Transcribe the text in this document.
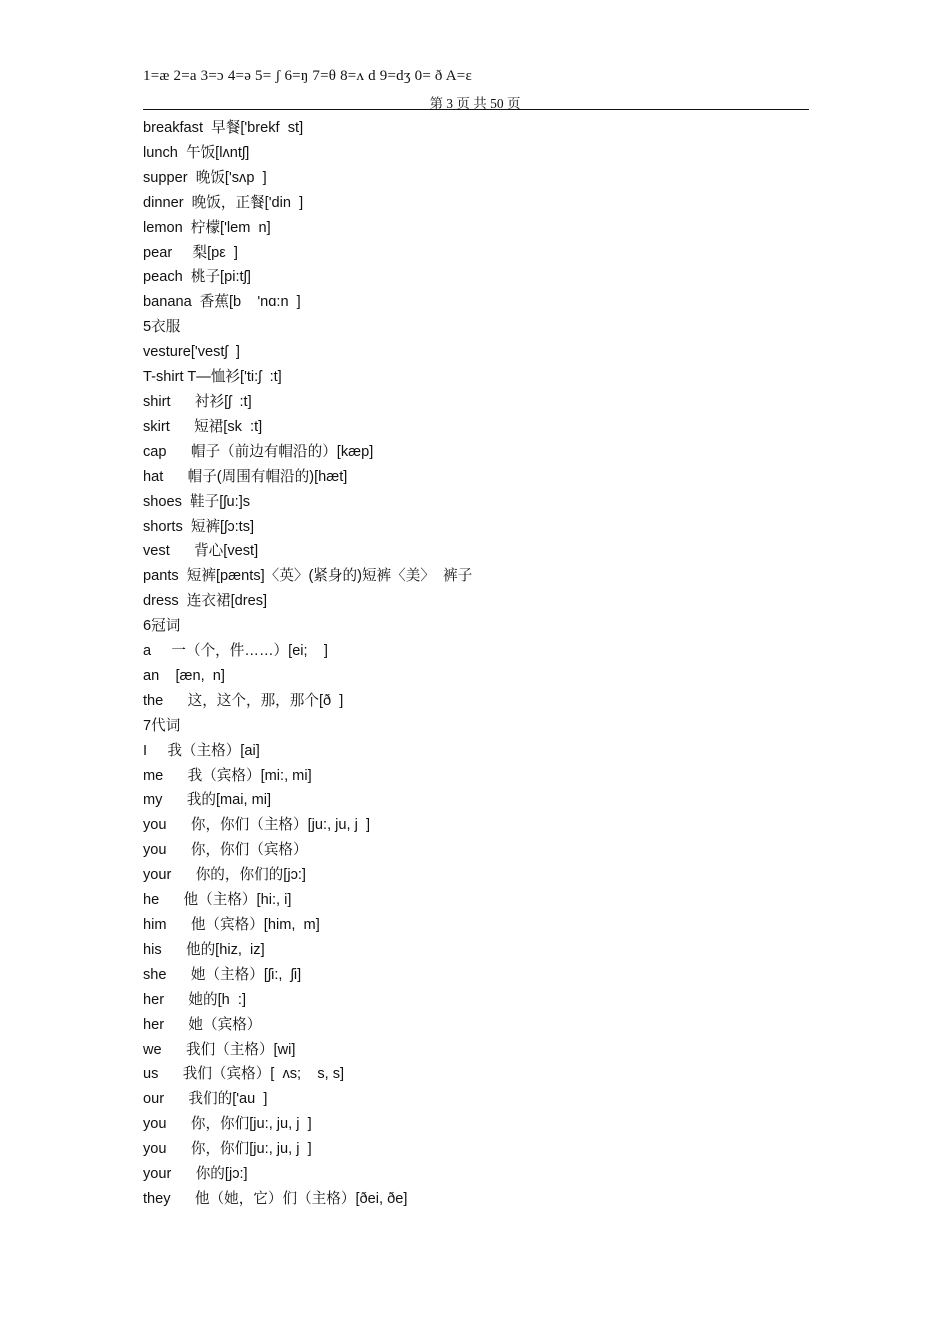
1=æ 2=a 3=ɔ 4=ə 5= ʃ 6=ŋ 7=θ 8=ʌ d 9=dʒ 0= ð A=ε
第 3 页 共 50 页
breakfast  早餐['brekf  st]
lunch  午饭[lʌntʃ]
supper  晚饭['sʌp  ]
dinner  晚饭，正餐['din  ]
lemon  柠檬['lem  n]
pear     梨[pε  ]
peach  桃子[pi:tʃ]
banana  香蕉[b    'nɑ:n  ]
5衣服
vesture['vestʃ  ]
T-shirt T—恤衫['ti:ʃ  :t]
shirt      衬衫[ʃ  :t]
skirt      短裙[sk  :t]
cap      帽子（前边有帽沿的）[kæp]
hat      帽子(周围有帽沿的)[hæt]
shoes  鞋子[ʃu:]s
shorts  短裤[ʃɔ:ts]
vest      背心[vest]
pants  短裤[pænts]〈英〉(紧身的)短裤〈美〉  裤子
dress  连衣裙[dres]
6冠词
a     一（个，件……）[ei;    ]
an    [æn,  n]
the      这，这个，那，那个[ð  ]
7代词
I     我（主格）[ai]
me      我（宾格）[mi:, mi]
my      我的[mai, mi]
you      你，你们（主格）[ju:, ju, j  ]
you      你，你们（宾格）
your      你的，你们的[jɔ:]
he      他（主格）[hi:, i]
him      他（宾格）[him,  m]
his      他的[hiz,  iz]
she      她（主格）[ʃi:,  ʃi]
her      她的[h  :]
her      她（宾格）
we      我们（主格）[wi]
us      我们（宾格）[  ʌs;    s, s]
our      我们的['au  ]
you      你，你们[ju:, ju, j  ]
you      你，你们[ju:, ju, j  ]
your      你的[jɔ:]
they      他（她，它）们（主格）[ðei, ðe]
